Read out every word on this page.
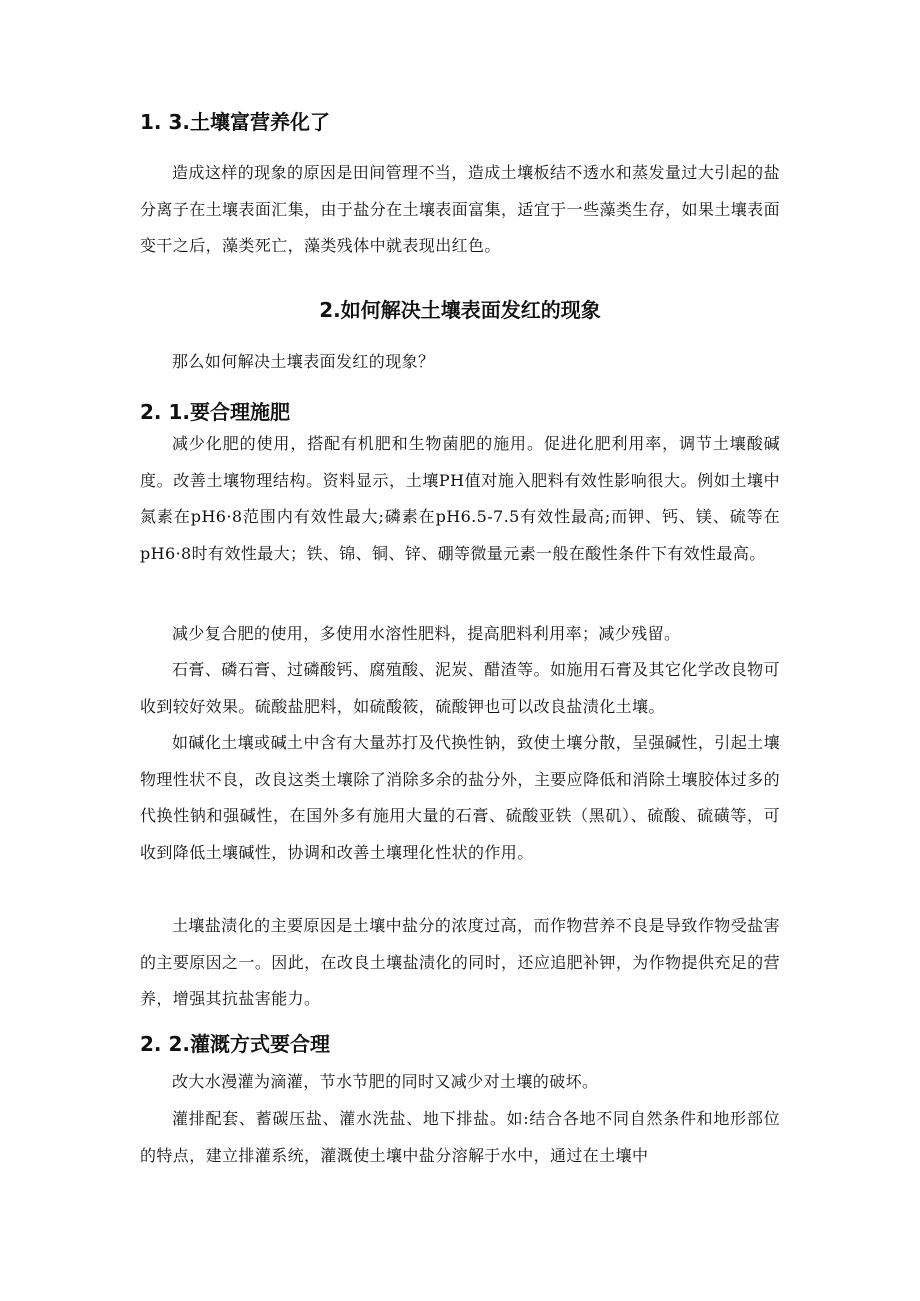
1. 3.土壤富营养化了
造成这样的现象的原因是田间管理不当，造成土壤板结不透水和蒸发量过大引起的盐分离子在土壤表面汇集，由于盐分在土壤表面富集，适宜于一些藻类生存，如果土壤表面变干之后，藻类死亡，藻类残体中就表现出红色。
2.如何解决土壤表面发红的现象
那么如何解决土壤表面发红的现象？
2. 1.要合理施肥
减少化肥的使用，搭配有机肥和生物菌肥的施用。促进化肥利用率，调节土壤酸碱度。改善土壤物理结构。资料显示，土壤PH值对施入肥料有效性影响很大。例如土壤中氮素在pH6·8范围内有效性最大;磷素在pH6.5-7.5有效性最高;而钾、钙、镁、硫等在pH6·8时有效性最大；铁、锦、铜、锌、硼等微量元素一般在酸性条件下有效性最高。
减少复合肥的使用，多使用水溶性肥料，提高肥料利用率；减少残留。
石膏、磷石膏、过磷酸钙、腐殖酸、泥炭、醋渣等。如施用石膏及其它化学改良物可收到较好效果。硫酸盐肥料，如硫酸筱，硫酸钾也可以改良盐渍化土壤。
如碱化土壤或碱土中含有大量苏打及代换性钠，致使土壤分散，呈强碱性，引起土壤物理性状不良，改良这类土壤除了消除多余的盐分外，主要应降低和消除土壤胶体过多的代换性钠和强碱性，在国外多有施用大量的石膏、硫酸亚铁（黑矶）、硫酸、硫磺等，可收到降低土壤碱性，协调和改善土壤理化性状的作用。
土壤盐渍化的主要原因是土壤中盐分的浓度过高，而作物营养不良是导致作物受盐害的主要原因之一。因此，在改良土壤盐渍化的同时，还应追肥补钾，为作物提供充足的营养，增强其抗盐害能力。
2. 2.灌溉方式要合理
改大水漫灌为滴灌，节水节肥的同时又减少对土壤的破坏。
灌排配套、蓄碳压盐、灌水洗盐、地下排盐。如:结合各地不同自然条件和地形部位的特点，建立排灌系统，灌溉使土壤中盐分溶解于水中，通过在土壤中
